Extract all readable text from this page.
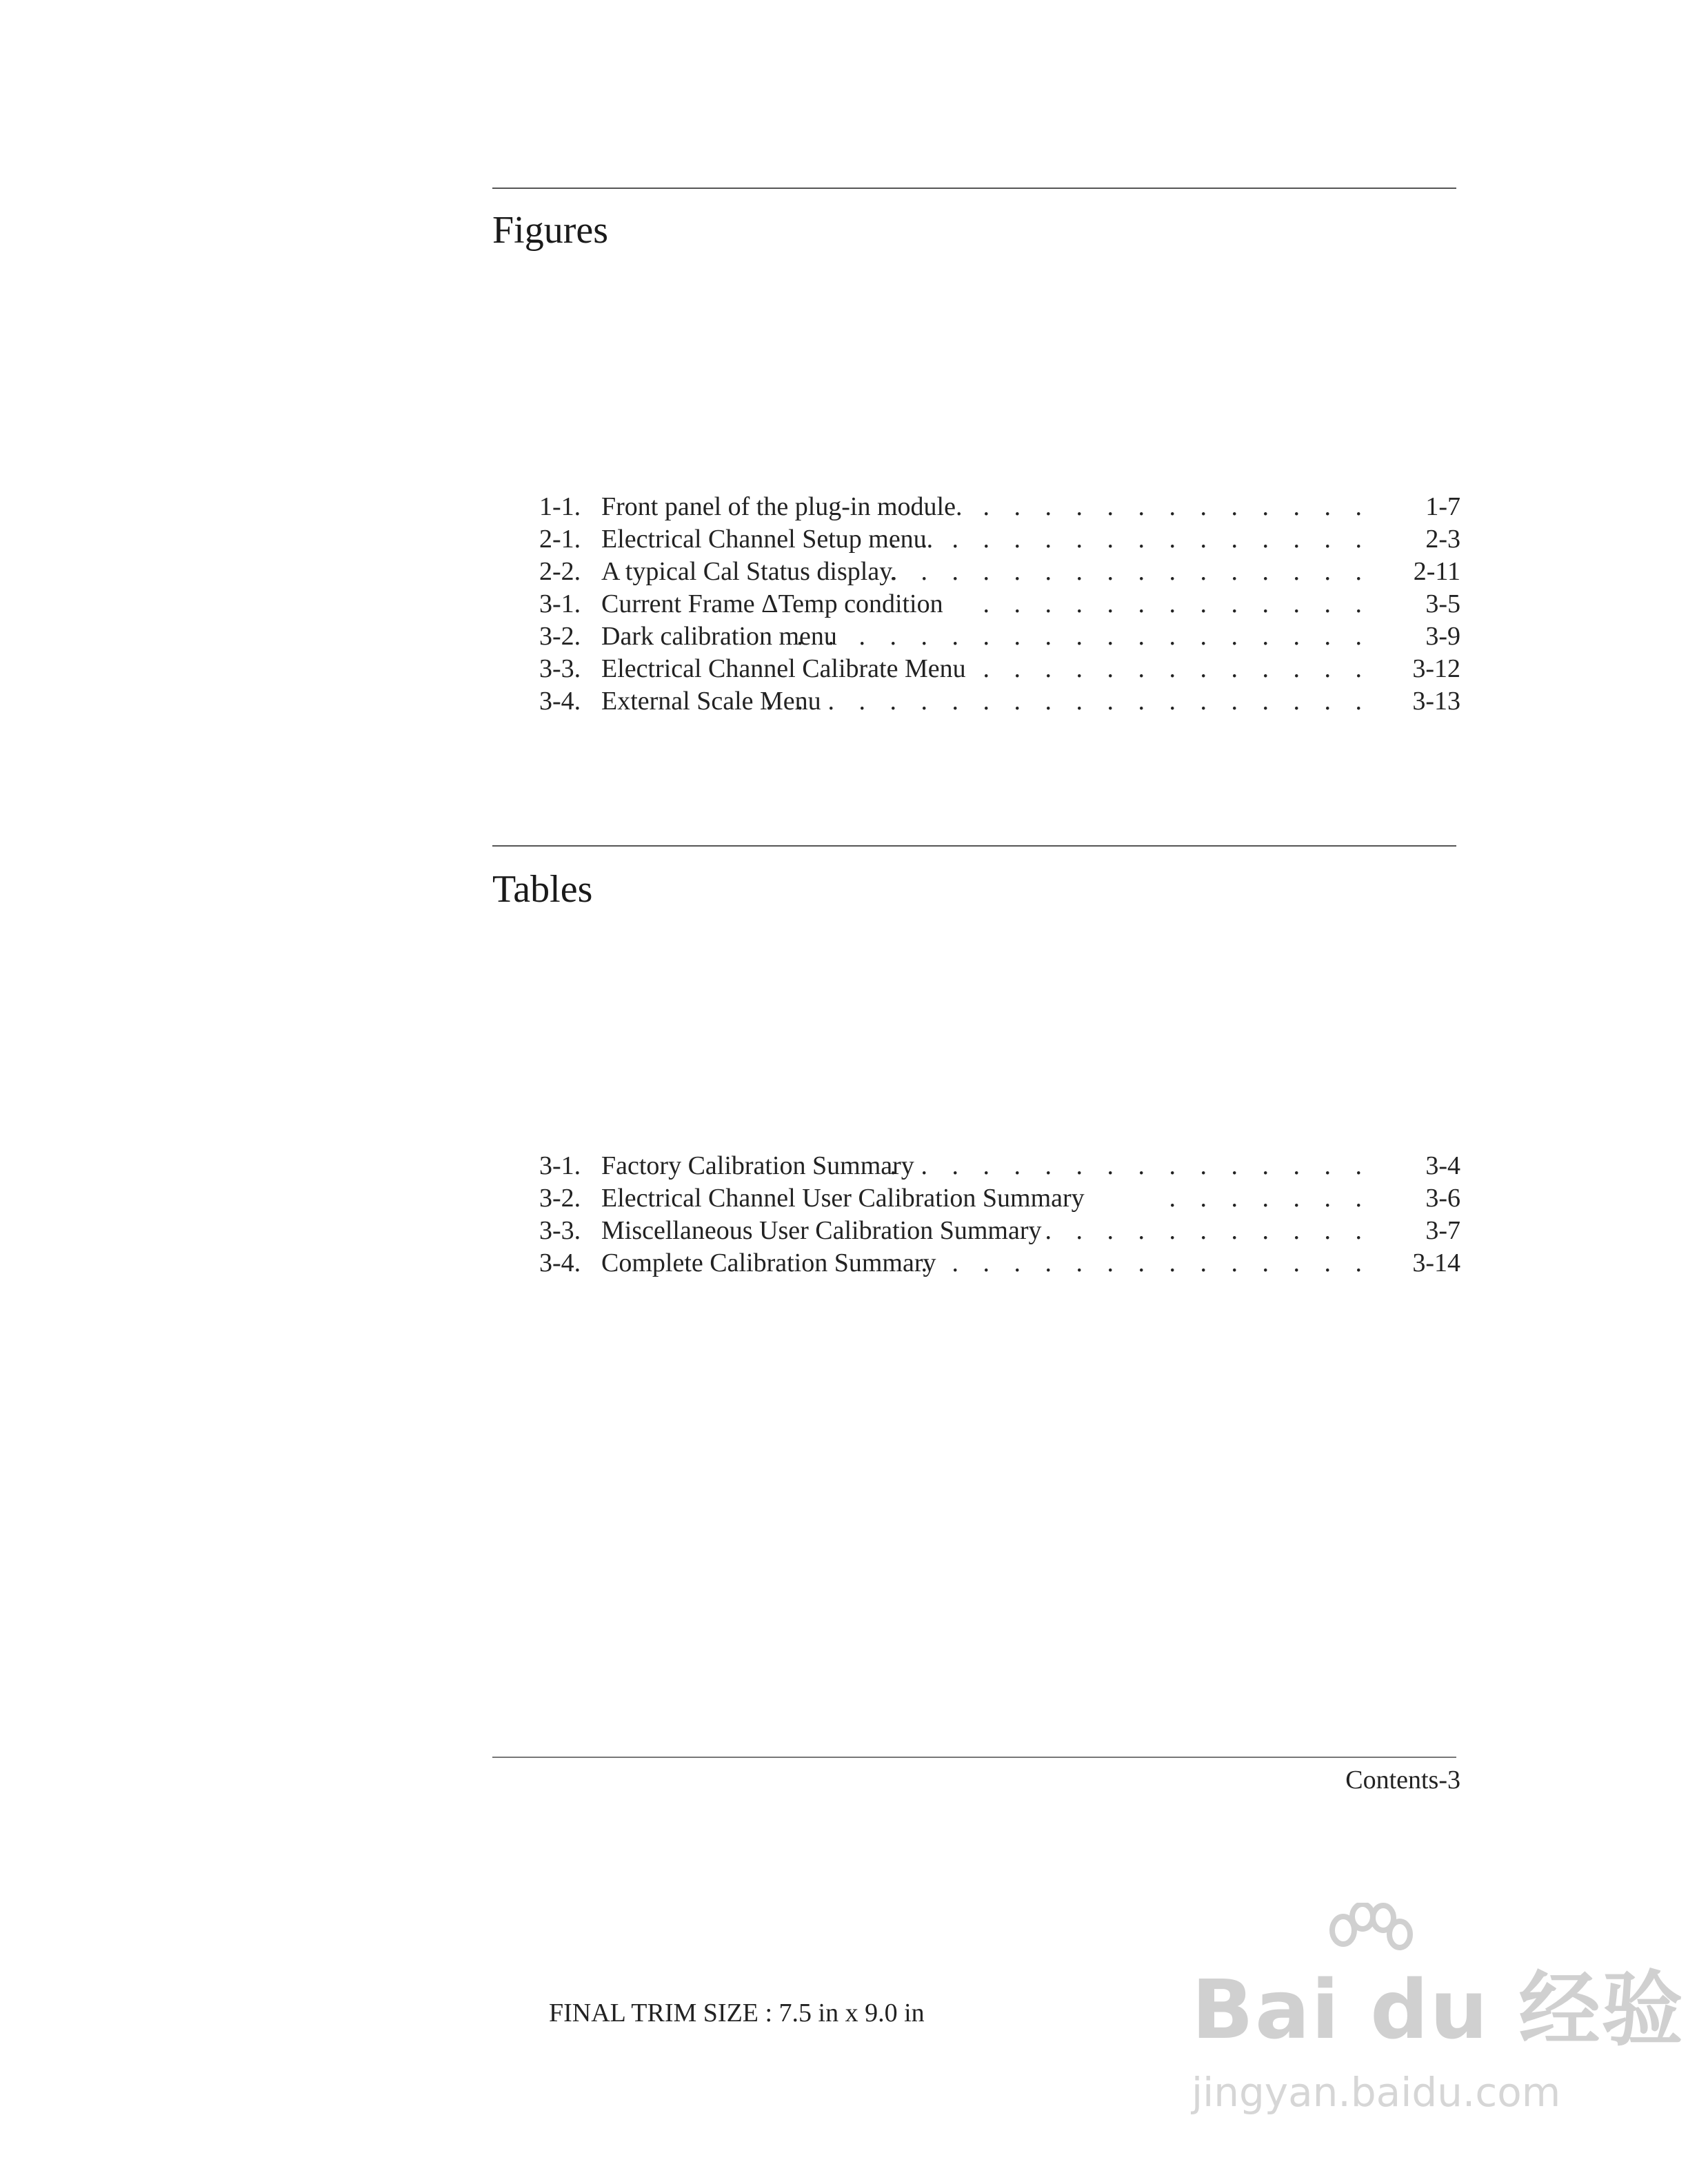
Figures
1-1. Front panel of the plug-in module. . . . . . . . . . . . . . 1-7
2-1. Electrical Channel Setup menu.
. . . . . . . . . . . . . . . . 2-3
2-2. A typical Cal Status display.
. . . . . . . . . . . . . . . . 2-11
3-1. Current Frame ΔTemp condition . . . . . . . . . . . . . 3-5
3-2. Dark calibration menu
. . . . . . . . . . . . . . . . . . . 3-9
3-3. Electrical Channel Calibrate Menu . . . . . . . . . . . . . 3-12
3-4. External Scale Menu
. . . . . . . . . . . . . . . . . . . . 3-13
Tables
3-1. Factory Calibration Summary
. . . . . . . . . . . . . . . . 3-4
3-2. Electrical Channel User Calibration Summary	. . . . . . . 3-6
3-3. Miscellaneous User Calibration Summary . . . . . . . . . . . 3-7
3-4. Complete Calibration Summary
. . . . . . . . . . . . . . . 3-14
Contents-3
FINAL TRIM SIZE : 7.5 in x 9.0 in	Bai du 经验
jingyan.baidu.com
